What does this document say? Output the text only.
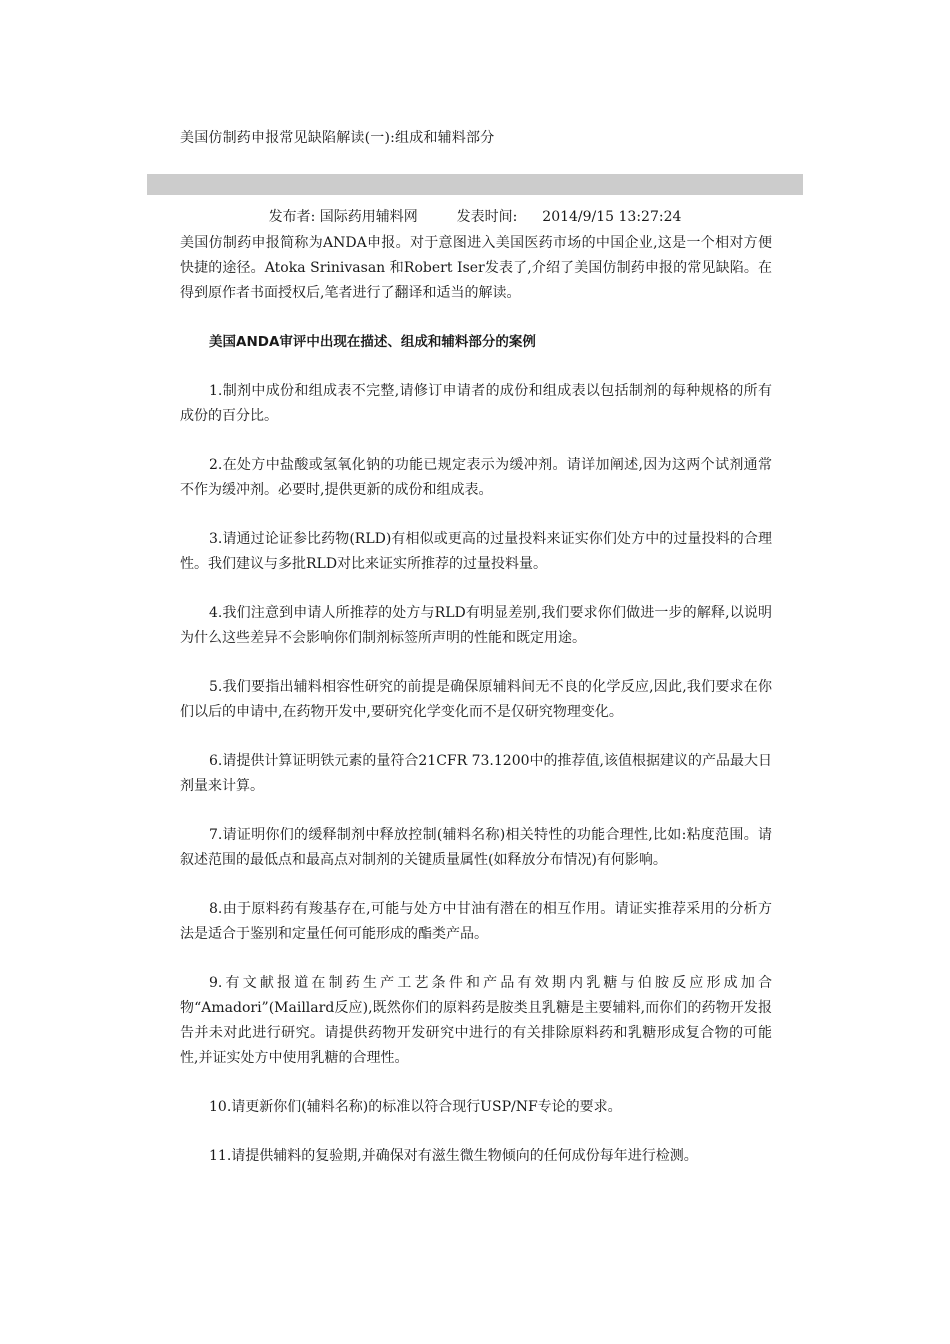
美国仿制药申报常见缺陷解读(一):组成和辅料部分
发布者: 国际药用辅料网	发表时间: 2014/9/15 13:27:24

美国仿制药申报简称为ANDA申报。对于意图进入美国医药市场的中国企业,这是一个相对方便快捷的途径。Atoka Srinivasan 和Robert Iser发表了,介绍了美国仿制药申报的常见缺陷。在得到原作者书面授权后,笔者进行了翻译和适当的解读。

美国ANDA审评中出现在描述、组成和辅料部分的案例

1.制剂中成份和组成表不完整,请修订申请者的成份和组成表以包括制剂的每种规格的所有成份的百分比。

2.在处方中盐酸或氢氧化钠的功能已规定表示为缓冲剂。请详加阐述,因为这两个试剂通常不作为缓冲剂。必要时,提供更新的成份和组成表。

3.请通过论证参比药物(RLD)有相似或更高的过量投料来证实你们处方中的过量投料的合理性。我们建议与多批RLD对比来证实所推荐的过量投料量。

4.我们注意到申请人所推荐的处方与RLD有明显差别,我们要求你们做进一步的解释,以说明为什么这些差异不会影响你们制剂标签所声明的性能和既定用途。

5.我们要指出辅料相容性研究的前提是确保原辅料间无不良的化学反应,因此,我们要求在你们以后的申请中,在药物开发中,要研究化学变化而不是仅研究物理变化。

6.请提供计算证明铁元素的量符合21CFR 73.1200中的推荐值,该值根据建议的产品最大日剂量来计算。

7.请证明你们的缓释制剂中释放控制(辅料名称)相关特性的功能合理性,比如:粘度范围。请叙述范围的最低点和最高点对制剂的关键质量属性(如释放分布情况)有何影响。

8.由于原料药有羧基存在,可能与处方中甘油有潜在的相互作用。请证实推荐采用的分析方法是适合于鉴别和定量任何可能形成的酯类产品。

9.有文献报道在制药生产工艺条件和产品有效期内乳糖与伯胺反应形成加合物“Amadori”(Maillard反应),既然你们的原料药是胺类且乳糖是主要辅料,而你们的药物开发报告并未对此进行研究。请提供药物开发研究中进行的有关排除原料药和乳糖形成复合物的可能性,并证实处方中使用乳糖的合理性。

10.请更新你们(辅料名称)的标准以符合现行USP/NF专论的要求。

11.请提供辅料的复验期,并确保对有滋生微生物倾向的任何成份每年进行检测。
